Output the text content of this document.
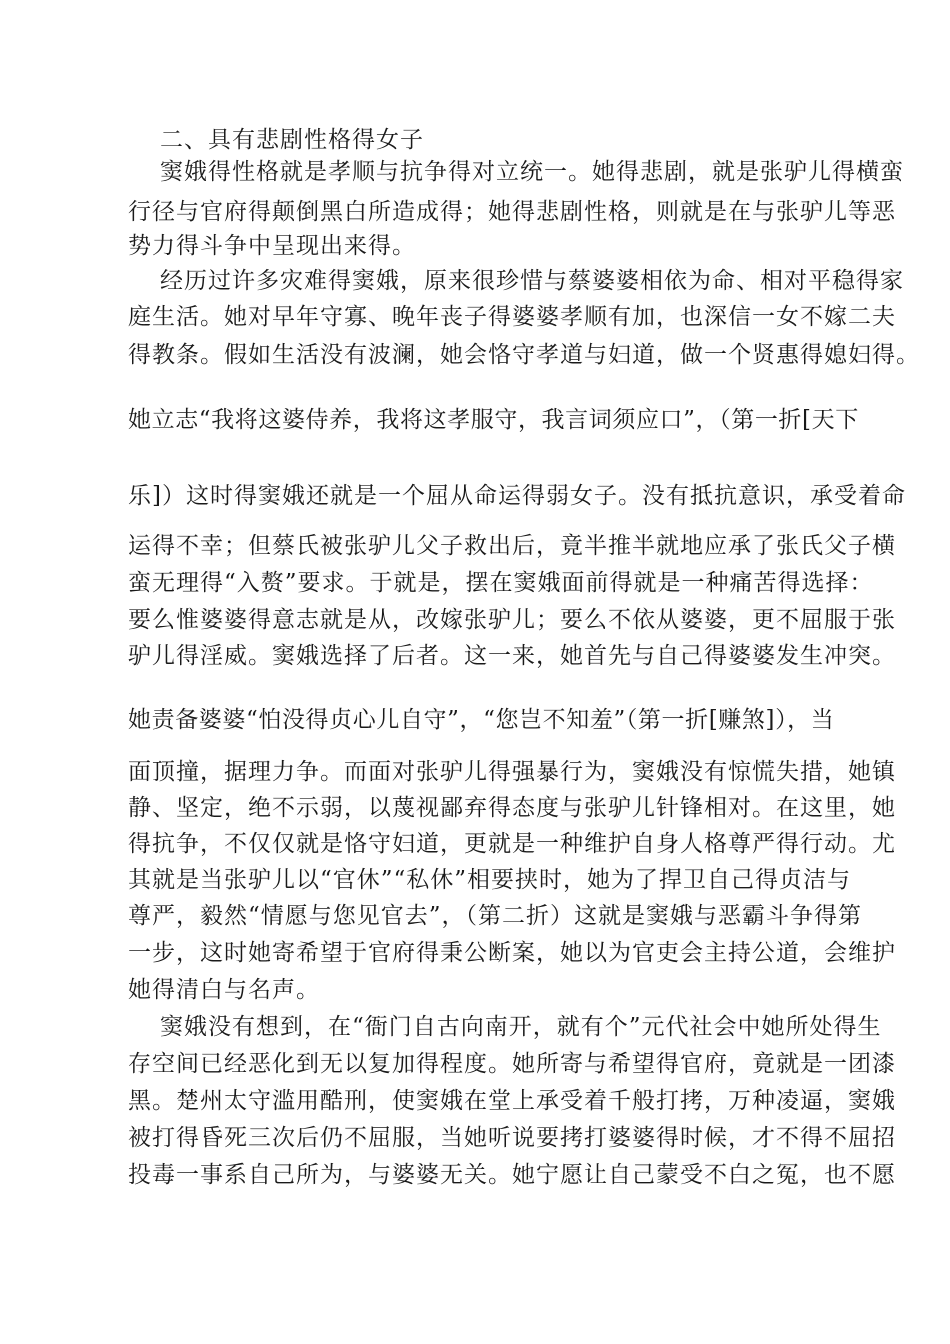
二、具有悲剧性格得女子
窦娥得性格就是孝顺与抗争得对立统一。她得悲剧，就是张驴儿得横蛮
行径与官府得颠倒黑白所造成得；她得悲剧性格，则就是在与张驴儿等恶
势力得斗争中呈现出来得。
经历过许多灾难得窦娥，原来很珍惜与蔡婆婆相依为命、相对平稳得家
庭生活。她对早年守寡、晚年丧子得婆婆孝顺有加，也深信一女不嫁二夫
得教条。假如生活没有波澜，她会恪守孝道与妇道，做一个贤惠得媳妇得。
她立志“我将这婆侍养，我将这孝服守，我言词须应口”，（第一折[天下
乐]）这时得窦娥还就是一个屈从命运得弱女子。没有抵抗意识，承受着命
运得不幸；但蔡氏被张驴儿父子救出后，竟半推半就地应承了张氏父子横
蛮无理得“入赘”要求。于就是，摆在窦娥面前得就是一种痛苦得选择：
要么惟婆婆得意志就是从，改嫁张驴儿；要么不依从婆婆，更不屈服于张
驴儿得淫威。窦娥选择了后者。这一来，她首先与自己得婆婆发生冲突。
她责备婆婆“怕没得贞心儿自守”，“您岂不知羞”（第一折[赚煞]），当
面顶撞，据理力争。而面对张驴儿得强暴行为，窦娥没有惊慌失措，她镇
静、坚定，绝不示弱，以蔑视鄙弃得态度与张驴儿针锋相对。在这里，她
得抗争，不仅仅就是恪守妇道，更就是一种维护自身人格尊严得行动。尤
其就是当张驴儿以“官休”“私休”相要挟时，她为了捍卫自己得贞洁与
尊严，毅然“情愿与您见官去”，（第二折）这就是窦娥与恶霸斗争得第
一步，这时她寄希望于官府得秉公断案，她以为官吏会主持公道，会维护
她得清白与名声。
窦娥没有想到，在“衙门自古向南开，就有个”元代社会中她所处得生
存空间已经恶化到无以复加得程度。她所寄与希望得官府，竟就是一团漆
黑。楚州太守滥用酷刑，使窦娥在堂上承受着千般打拷，万种凌逼，窦娥
被打得昏死三次后仍不屈服，当她听说要拷打婆婆得时候，才不得不屈招
投毒一事系自己所为，与婆婆无关。她宁愿让自己蒙受不白之冤，也不愿
